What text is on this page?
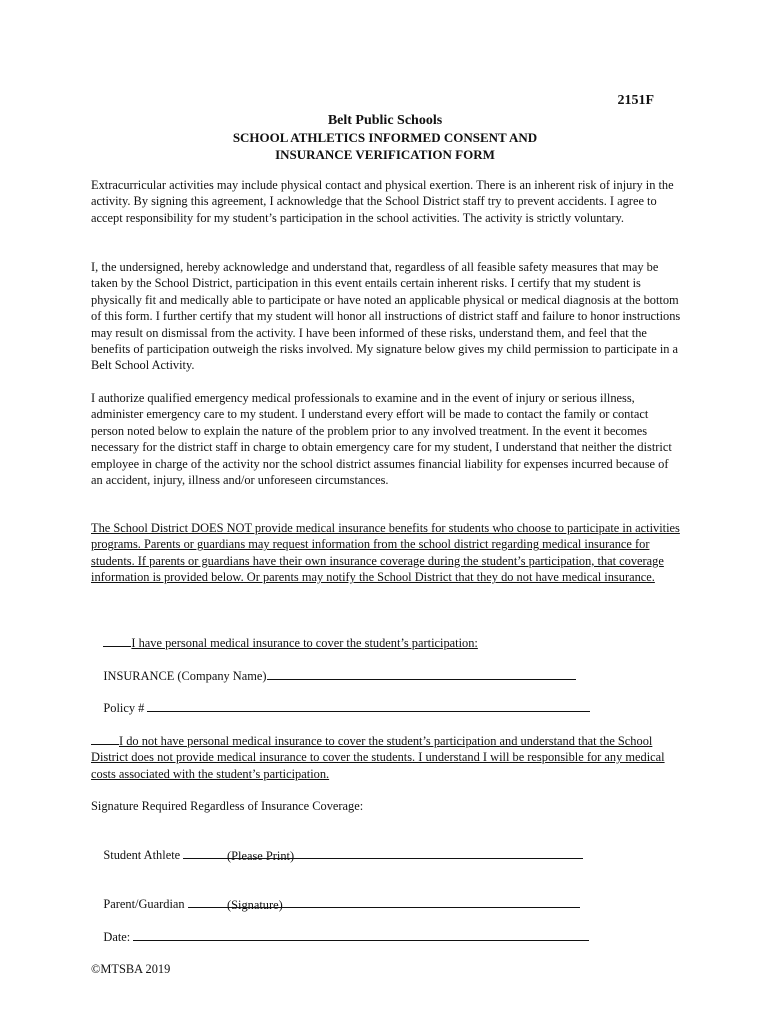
2151F
Belt Public Schools
SCHOOL ATHLETICS INFORMED CONSENT AND
INSURANCE VERIFICATION FORM

Extracurricular activities may include physical contact and physical exertion. There is an inherent risk of injury in the activity. By signing this agreement, I acknowledge that the School District staff try to prevent accidents. I agree to accept responsibility for my student’s participation in the school activities. The activity is strictly voluntary.

I, the undersigned, hereby acknowledge and understand that, regardless of all feasible safety measures that may be taken by the School District, participation in this event entails certain inherent risks. I certify that my student is physically fit and medically able to participate or have noted an applicable physical or medical diagnosis at the bottom of this form. I further certify that my student will honor all instructions of district staff and failure to honor instructions may result on dismissal from the activity. I have been informed of these risks, understand them, and feel that the benefits of participation outweigh the risks involved. My signature below gives my child permission to participate in a Belt School Activity.

I authorize qualified emergency medical professionals to examine and in the event of injury or serious illness, administer emergency care to my student. I understand every effort will be made to contact the family or contact person noted below to explain the nature of the problem prior to any involved treatment. In the event it becomes necessary for the district staff in charge to obtain emergency care for my student, I understand that neither the district employee in charge of the activity nor the school district assumes financial liability for expenses incurred because of an accident, injury, illness and/or unforeseen circumstances.

The School District DOES NOT provide medical insurance benefits for students who choose to participate in activities programs. Parents or guardians may request information from the school district regarding medical insurance for students. If parents or guardians have their own insurance coverage during the student’s participation, that coverage information is provided below. Or parents may notify the School District that they do not have medical insurance.

I have personal medical insurance to cover the student’s participation:

INSURANCE (Company Name)

Policy #

I do not have personal medical insurance to cover the student’s participation and understand that the School District does not provide medical insurance to cover the students. I understand I will be responsible for any medical costs associated with the student’s participation.
Signature Required Regardless of Insurance Coverage:

Student Athlete
	(Please Print)

Parent/Guardian
	(Signature)

Date:

©MTSBA 2019
